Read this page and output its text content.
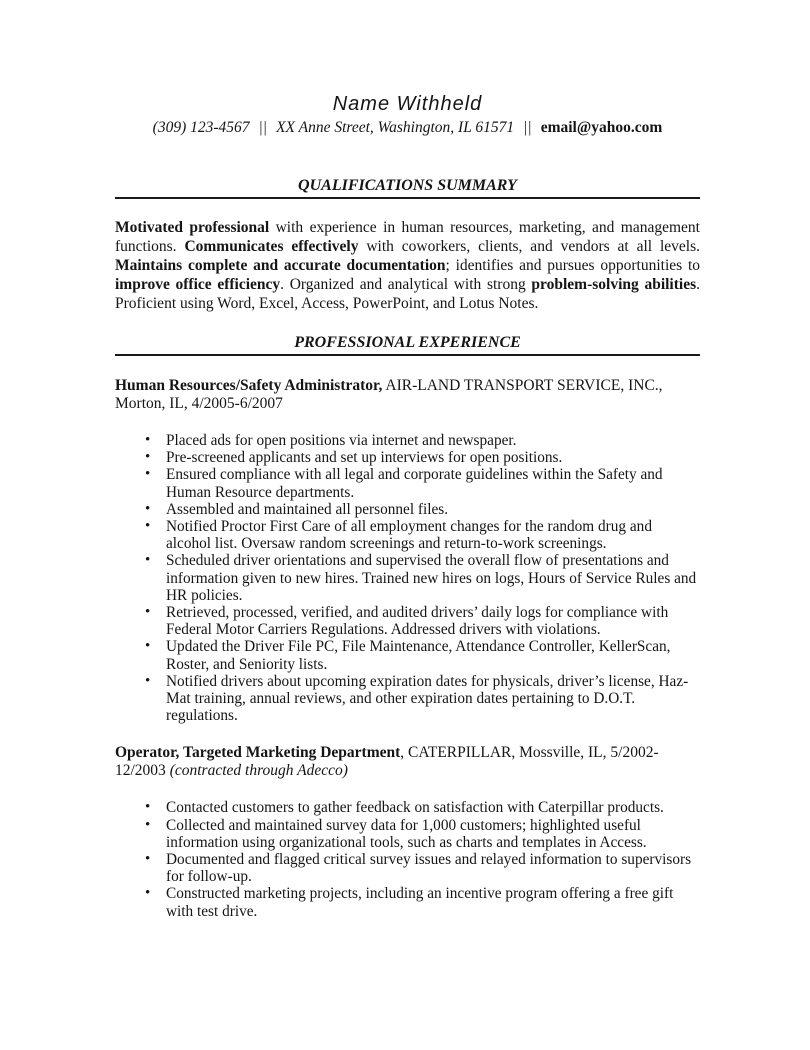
Name Withheld

(309) 123-4567 || XX Anne Street, Washington, IL 61571 || email@yahoo.com

QUALIFICATIONS SUMMARY

Motivated professional with experience in human resources, marketing, and management functions. Communicates effectively with coworkers, clients, and vendors at all levels. Maintains complete and accurate documentation; identifies and pursues opportunities to improve office efficiency. Organized and analytical with strong problem-solving abilities. Proficient using Word, Excel, Access, PowerPoint, and Lotus Notes.

PROFESSIONAL EXPERIENCE

Human Resources/Safety Administrator, AIR-LAND TRANSPORT SERVICE, INC., Morton, IL, 4/2005-6/2007

• Placed ads for open positions via internet and newspaper.
• Pre-screened applicants and set up interviews for open positions.
• Ensured compliance with all legal and corporate guidelines within the Safety and Human Resource departments.
• Assembled and maintained all personnel files.
• Notified Proctor First Care of all employment changes for the random drug and alcohol list. Oversaw random screenings and return-to-work screenings.
• Scheduled driver orientations and supervised the overall flow of presentations and information given to new hires. Trained new hires on logs, Hours of Service Rules and HR policies.
• Retrieved, processed, verified, and audited drivers’ daily logs for compliance with Federal Motor Carriers Regulations. Addressed drivers with violations.
• Updated the Driver File PC, File Maintenance, Attendance Controller, KellerScan, Roster, and Seniority lists.
• Notified drivers about upcoming expiration dates for physicals, driver’s license, Haz-Mat training, annual reviews, and other expiration dates pertaining to D.O.T. regulations.

Operator, Targeted Marketing Department, CATERPILLAR, Mossville, IL, 5/2002-12/2003 (contracted through Adecco)

• Contacted customers to gather feedback on satisfaction with Caterpillar products.
• Collected and maintained survey data for 1,000 customers; highlighted useful information using organizational tools, such as charts and templates in Access.
• Documented and flagged critical survey issues and relayed information to supervisors for follow-up.
• Constructed marketing projects, including an incentive program offering a free gift with test drive.
